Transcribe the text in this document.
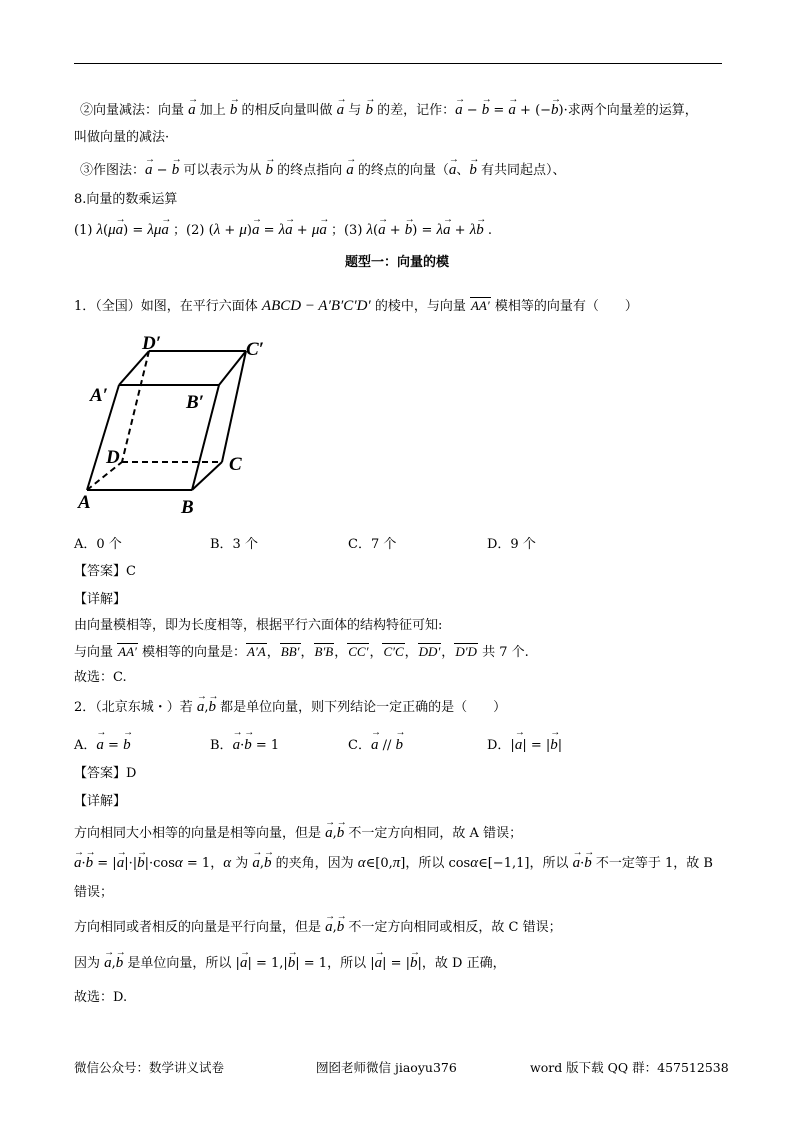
②向量减法：向量 → a 加上 → b 的相反向量叫做 → a 与 → b 的差，记作：→ a − → b = → a + (−→ b)·求两个向量差的运算，
叫做向量的减法·
③作图法：→ a − → b 可以表示为从 → b 的终点指向 → a 的终点的向量（→ a、→ b 有共同起点）、
8.向量的数乘运算
(1) λ(μ→ a) = λμ→ a ；(2) (λ + μ)→ a = λ→ a + μ→ a ；(3) λ(→ a + → b) = λ→ a + λ→ b .
题型一：向量的模
1．（全国）如图，在平行六面体 ABCD − A′B′C′D′ 的棱中，与向量 AA′ 模相等的向量有（　　）
D′	C′
A′	B′
D	C
A	B
A．0 个	B．3 个	C．7 个	D．9 个
【答案】C
【详解】
由向量模相等，即为长度相等，根据平行六面体的结构特征可知:
与向量 AA′ 模相等的向量是：A′A，BB′，B′B，CC′，C′C，DD′，D′D 共 7 个.
故选：C.
2．（北京东城・）若 → a,→ b 都是单位向量，则下列结论一定正确的是（　　）
A．→ a = → b	B．→ a·→ b = 1	C．→ a // → b	D．|→ a| = |→ b|
【答案】D
【详解】
方向相同大小相等的向量是相等向量，但是 → a,→ b 不一定方向相同，故 A 错误；
→ a·→ b = |→ a|·|→ b|·cosα = 1，α 为 → a,→ b 的夹角，因为 α∈[0,π]，所以 cosα∈[−1,1]，所以 → a·→ b 不一定等于 1，故 B
错误；
方向相同或者相反的向量是平行向量，但是 → a,→ b 不一定方向相同或相反，故 C 错误；
因为 → a,→ b 是单位向量，所以 |→ a| = 1,|→ b| = 1，所以 |→ a| = |→ b|，故 D 正确，
故选：D.
微信公众号：数学讲义试卷	囫囵老师微信 jiaoyu376	word 版下载 QQ 群：457512538
